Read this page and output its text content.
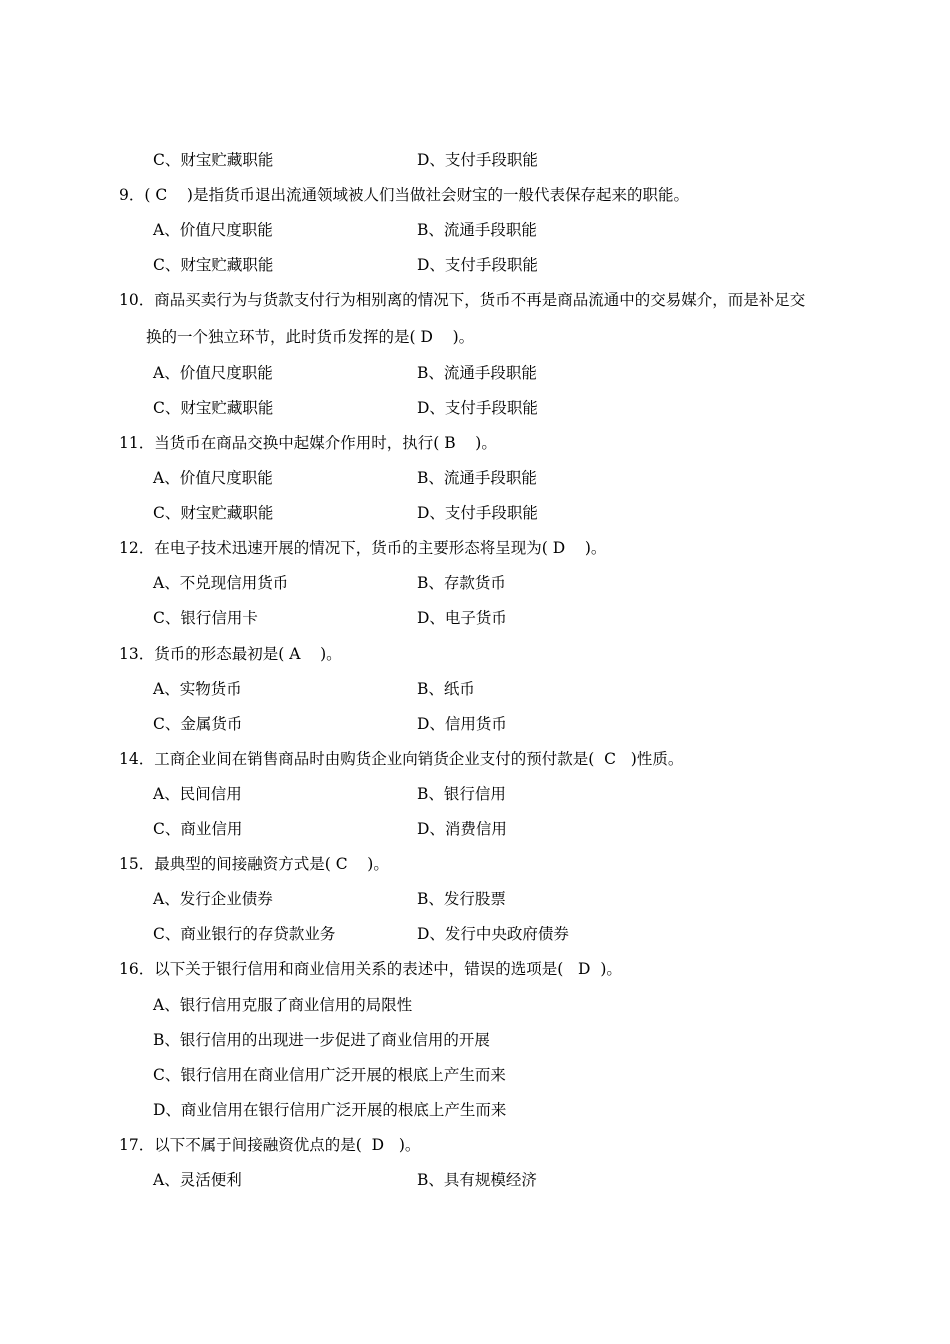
C、财宝贮藏职能	D、支付手段职能
9．( C    )是指货币退出流通领域被人们当做社会财宝的一般代表保存起来的职能。
A、价值尺度职能	B、流通手段职能
C、财宝贮藏职能	D、支付手段职能
10．商品买卖行为与货款支付行为相别离的情况下，货币不再是商品流通中的交易媒介，而是补足交
换的一个独立环节，此时货币发挥的是( D    )。
A、价值尺度职能	B、流通手段职能
C、财宝贮藏职能	D、支付手段职能
11．当货币在商品交换中起媒介作用时，执行( B    )。
A、价值尺度职能	B、流通手段职能
C、财宝贮藏职能	D、支付手段职能
12．在电子技术迅速开展的情况下，货币的主要形态将呈现为( D    )。
A、不兑现信用货币	B、存款货币
C、银行信用卡	D、电子货币
13．货币的形态最初是( A    )。
A、实物货币	B、纸币
C、金属货币	D、信用货币
14．工商企业间在销售商品时由购货企业向销货企业支付的预付款是(  C   )性质。
A、民间信用	B、银行信用
C、商业信用	D、消费信用
15．最典型的间接融资方式是( C    )。
A、发行企业债券	B、发行股票
C、商业银行的存贷款业务	D、发行中央政府债券
16．以下关于银行信用和商业信用关系的表述中，错误的选项是(   D  )。
A、银行信用克服了商业信用的局限性
B、银行信用的出现进一步促进了商业信用的开展
C、银行信用在商业信用广泛开展的根底上产生而来
D、商业信用在银行信用广泛开展的根底上产生而来
17．以下不属于间接融资优点的是(  D   )。
A、灵活便利	B、具有规模经济
